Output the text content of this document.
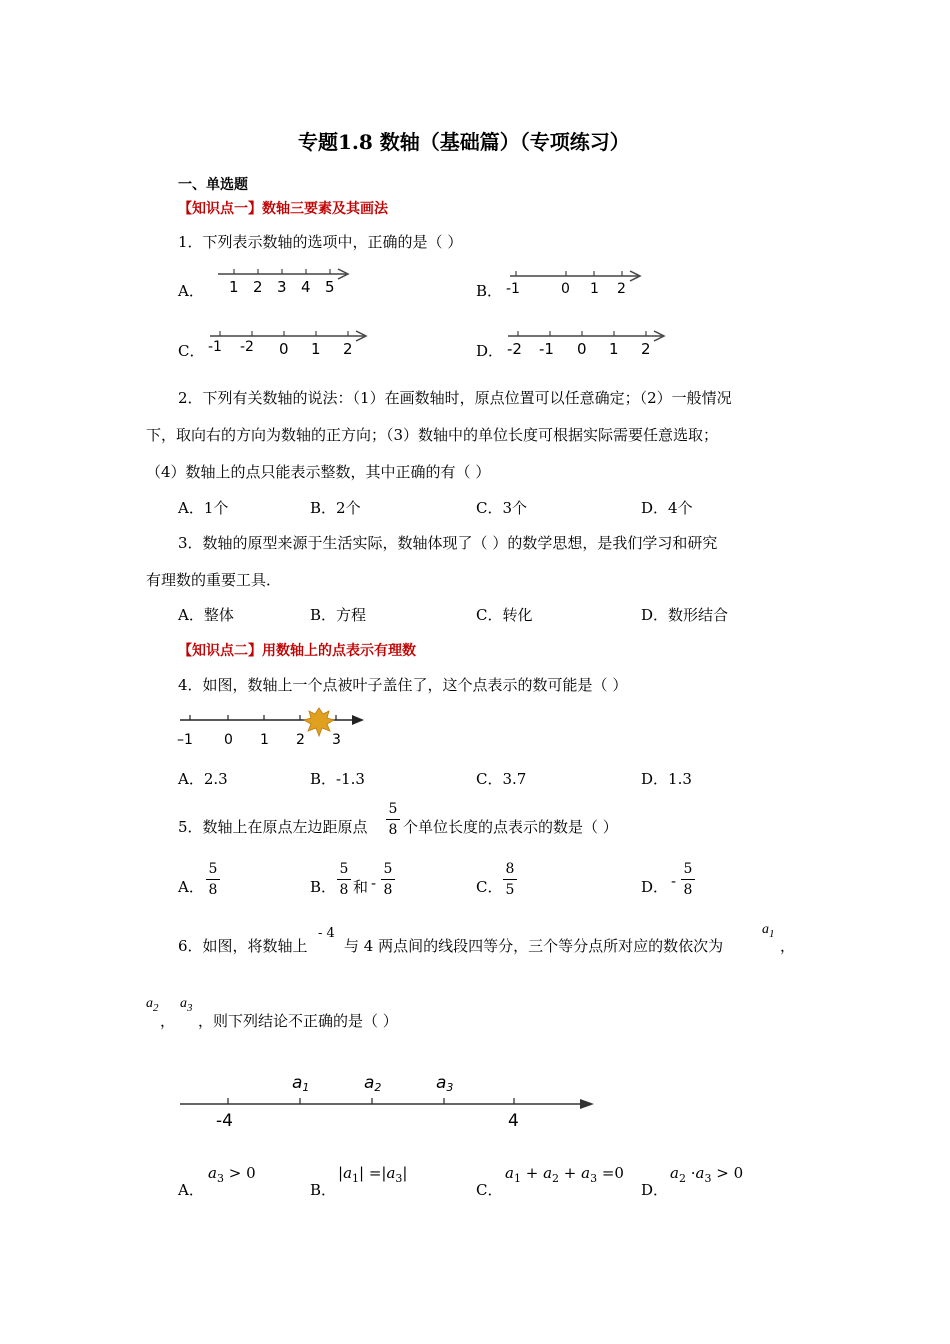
专题1.8 数轴（基础篇）（专项练习）
一、单选题
【知识点一】数轴三要素及其画法
1．下列表示数轴的选项中，正确的是（ ）
A． 1 2 3 4 5	B． -1	0 1 2
C． -1 -2 0 1 2	D． -2 -1 0 1 2
2．下列有关数轴的说法：（1）在画数轴时，原点位置可以任意确定；（2）一般情况
下，取向右的方向为数轴的正方向；（3）数轴中的单位长度可根据实际需要任意选取；
（4）数轴上的点只能表示整数，其中正确的有（ ）
A．1个	B．2个	C．3个	D．4个
3．数轴的原型来源于生活实际，数轴体现了（ ）的数学思想，是我们学习和研究
有理数的重要工具．
A．整体	B．方程	C．转化	D．数形结合
【知识点二】用数轴上的点表示有理数
4．如图，数轴上一个点被叶子盖住了，这个点表示的数可能是（ ）
–1 0 1 2 3
A．2.3	B．-1.3	C．3.7	D．1.3
5．数轴上在原点左边距原点
5
8 个单位长度的点表示的数是（ ）
A．
5
8	B．
5
8 和 -
5
8	C．
8
5	D． -
5
8
6．如图，将数轴上
- 4
与 4 两点间的线段四等分，三个等分点所对应的数依次为
$a_1$
，
$a_2$
，
$a_3$
，则下列结论不正确的是（ ）
-4	4
a1	a2	a3
A．
$a_3 > 0$
B．
$|a_1| =|a_3|$
C．
$a_1 + a_2 + a_3 =0$
D．
$a_2 \cdot a_3 > 0$
